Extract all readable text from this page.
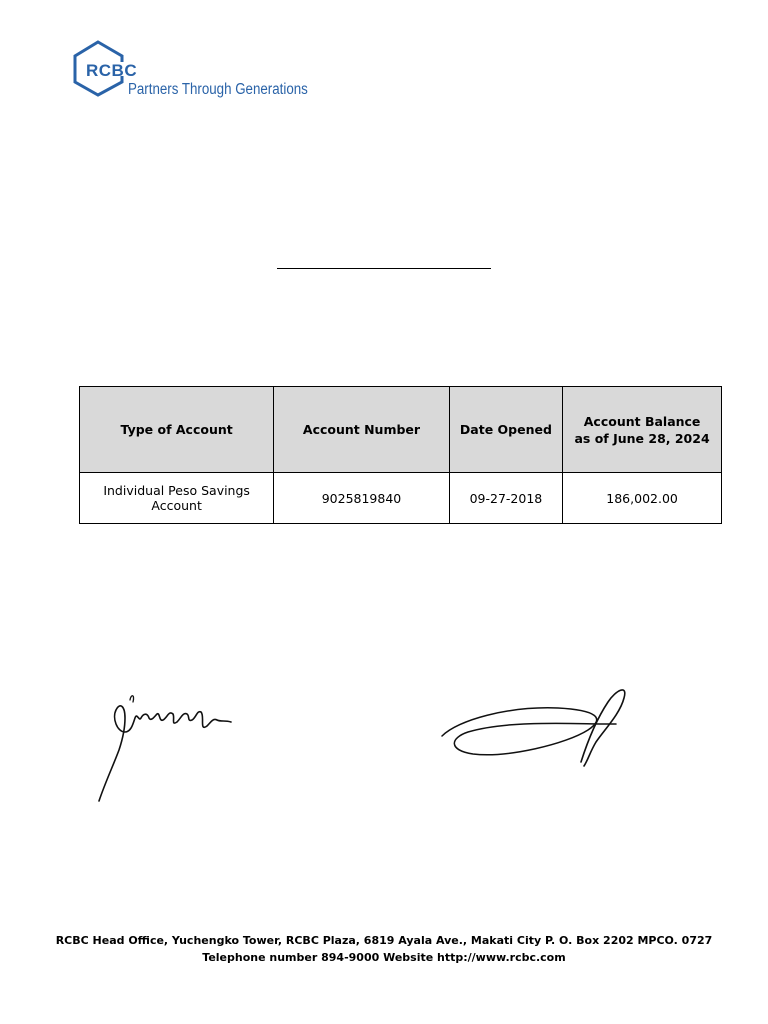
RCBC
Partners Through Generations
Type of Account	Account Number	Date Opened	Account Balance
as of June 28, 2024

Individual Peso Savings Account	9025819840	09-27-2018	186,002.00
RCBC Head Office, Yuchengko Tower, RCBC Plaza, 6819 Ayala Ave., Makati City P. O. Box 2202 MPCO. 0727
Telephone number 894-9000 Website http://www.rcbc.com
